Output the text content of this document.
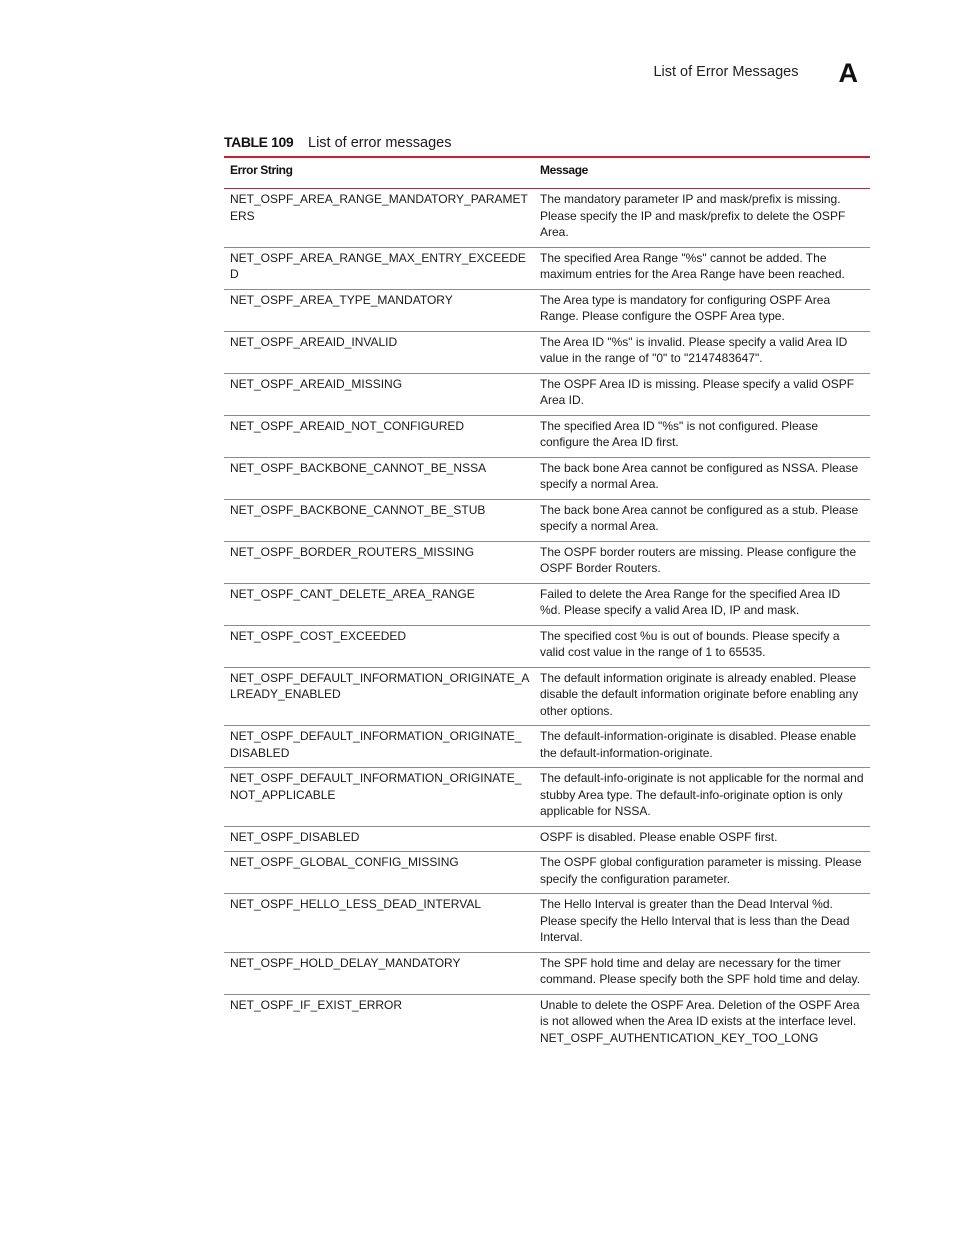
List of Error Messages A
TABLE 109	List of error messages
Error String	Message
NET_OSPF_AREA_RANGE_MANDATORY_PARAMETERS	The mandatory parameter IP and mask/prefix is missing. Please specify the IP and mask/prefix to delete the OSPF Area.
NET_OSPF_AREA_RANGE_MAX_ENTRY_EXCEEDED	The specified Area Range "%s" cannot be added. The maximum entries for the Area Range have been reached.
NET_OSPF_AREA_TYPE_MANDATORY	The Area type is mandatory for configuring OSPF Area Range. Please configure the OSPF Area type.
NET_OSPF_AREAID_INVALID	The Area ID "%s" is invalid. Please specify a valid Area ID value in the range of "0" to "2147483647".
NET_OSPF_AREAID_MISSING	The OSPF Area ID is missing. Please specify a valid OSPF Area ID.
NET_OSPF_AREAID_NOT_CONFIGURED	The specified Area ID "%s" is not configured. Please configure the Area ID first.
NET_OSPF_BACKBONE_CANNOT_BE_NSSA	The back bone Area cannot be configured as NSSA. Please specify a normal Area.
NET_OSPF_BACKBONE_CANNOT_BE_STUB	The back bone Area cannot be configured as a stub. Please specify a normal Area.
NET_OSPF_BORDER_ROUTERS_MISSING	The OSPF border routers are missing. Please configure the OSPF Border Routers.
NET_OSPF_CANT_DELETE_AREA_RANGE	Failed to delete the Area Range for the specified Area ID %d. Please specify a valid Area ID, IP and mask.
NET_OSPF_COST_EXCEEDED	The specified cost %u is out of bounds. Please specify a valid cost value in the range of 1 to 65535.
NET_OSPF_DEFAULT_INFORMATION_ORIGINATE_ALREADY_ENABLED	The default information originate is already enabled. Please disable the default information originate before enabling any other options.
NET_OSPF_DEFAULT_INFORMATION_ORIGINATE_DISABLED	The default-information-originate is disabled. Please enable the default-information-originate.
NET_OSPF_DEFAULT_INFORMATION_ORIGINATE_NOT_APPLICABLE	The default-info-originate is not applicable for the normal and stubby Area type. The default-info-originate option is only applicable for NSSA.
NET_OSPF_DISABLED	OSPF is disabled. Please enable OSPF first.
NET_OSPF_GLOBAL_CONFIG_MISSING	The OSPF global configuration parameter is missing. Please specify the configuration parameter.
NET_OSPF_HELLO_LESS_DEAD_INTERVAL	The Hello Interval is greater than the Dead Interval %d. Please specify the Hello Interval that is less than the Dead Interval.
NET_OSPF_HOLD_DELAY_MANDATORY	The SPF hold time and delay are necessary for the timer command. Please specify both the SPF hold time and delay.
NET_OSPF_IF_EXIST_ERROR	Unable to delete the OSPF Area. Deletion of the OSPF Area is not allowed when the Area ID exists at the interface level.
NET_OSPF_AUTHENTICATION_KEY_TOO_LONG
